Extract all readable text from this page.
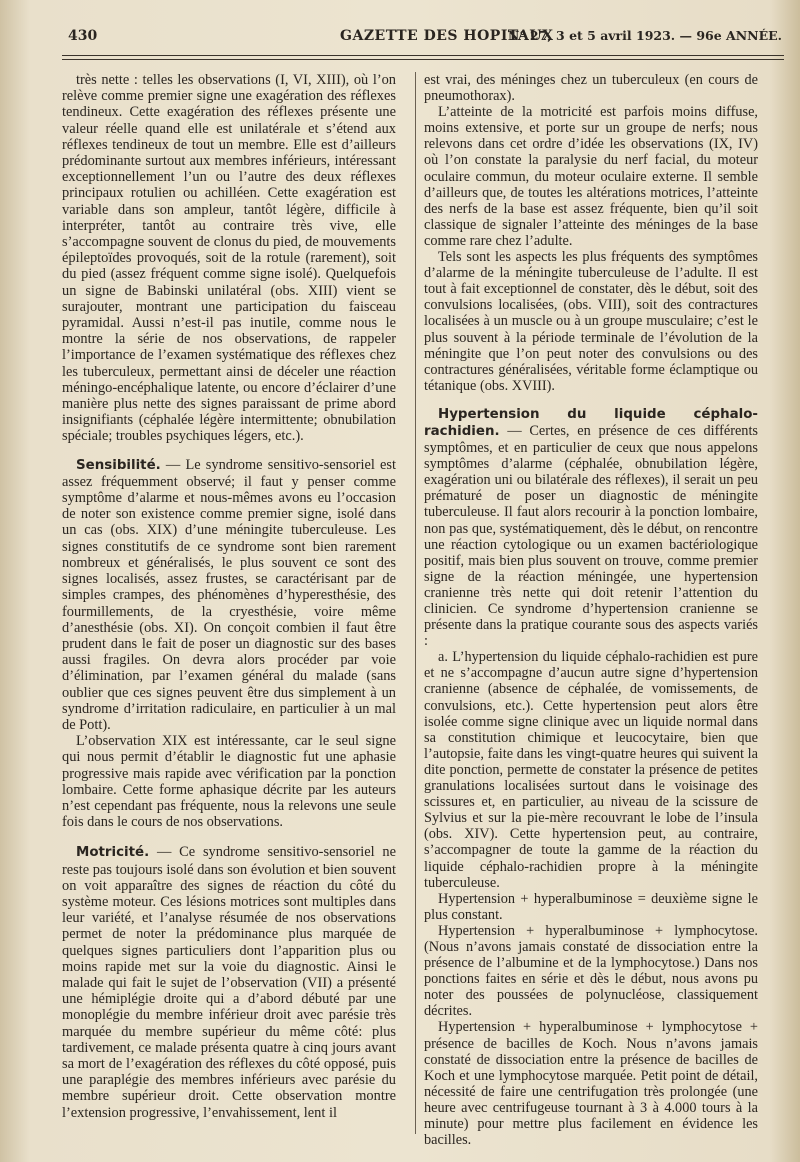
430	GAZETTE DES HOPITAUX
N° 27, 3 et 5 avril 1923. — 96e ANNÉE.

très nette : telles les observations (I, VI, XIII), où l’on relève comme premier signe une exagération des réflexes tendineux. Cette exagération des réflexes présente une valeur réelle quand elle est unilatérale et s’étend aux réflexes tendineux de tout un membre. Elle est d’ailleurs prédominante surtout aux membres inférieurs, intéressant exceptionnellement l’un ou l’autre des deux réflexes principaux rotulien ou achilléen. Cette exagération est variable dans son ampleur, tantôt légère, difficile à interpréter, tantôt au contraire très vive, elle s’accompagne souvent de clonus du pied, de mouvements épileptoïdes provoqués, soit de la rotule (rarement), soit du pied (assez fréquent comme signe isolé). Quelquefois un signe de Babinski unilatéral (obs. XIII) vient se surajouter, montrant une participation du faisceau pyramidal. Aussi n’est-il pas inutile, comme nous le montre la série de nos observations, de rappeler l’importance de l’examen systématique des réflexes chez les tuberculeux, permettant ainsi de déceler une réaction méningo-encéphalique latente, ou encore d’éclairer d’une manière plus nette des signes paraissant de prime abord insignifiants (céphalée légère intermittente; obnubilation spéciale; troubles psychiques légers, etc.).

Sensibilité. — Le syndrome sensitivo-sensoriel est assez fréquemment observé; il faut y penser comme symptôme d’alarme et nous-mêmes avons eu l’occasion de noter son existence comme premier signe, isolé dans un cas (obs. XIX) d’une méningite tuberculeuse. Les signes constitutifs de ce syndrome sont bien rarement nombreux et généralisés, le plus souvent ce sont des signes localisés, assez frustes, se caractérisant par de simples crampes, des phénomènes d’hyperesthésie, des fourmillements, de la cryesthésie, voire même d’anesthésie (obs. XI). On conçoit combien il faut être prudent dans le fait de poser un diagnostic sur des bases aussi fragiles. On devra alors procéder par voie d’élimination, par l’examen général du malade (sans oublier que ces signes peuvent être dus simplement à un syndrome d’irritation radiculaire, en particulier à un mal de Pott).

L’observation XIX est intéressante, car le seul signe qui nous permit d’établir le diagnostic fut une aphasie progressive mais rapide avec vérification par la ponction lombaire. Cette forme aphasique décrite par les auteurs n’est cependant pas fréquente, nous la relevons une seule fois dans le cours de nos observations.

Motricité. — Ce syndrome sensitivo-sensoriel ne reste pas toujours isolé dans son évolution et bien souvent on voit apparaître des signes de réaction du côté du système moteur. Ces lésions motrices sont multiples dans leur variété, et l’analyse résumée de nos observations permet de noter la prédominance plus marquée de quelques signes particuliers dont l’apparition plus ou moins rapide met sur la voie du diagnostic. Ainsi le malade qui fait le sujet de l’observation (VII) a présenté une hémiplégie droite qui a d’abord débuté par une monoplégie du membre inférieur droit avec parésie très marquée du membre supérieur du même côté: plus tardivement, ce malade présenta quatre à cinq jours avant sa mort de l’exagération des réflexes du côté opposé, puis une paraplégie des membres inférieurs avec parésie du membre supérieur droit. Cette observation montre l’extension progressive, l’envahissement, lent il

est vrai, des méninges chez un tuberculeux (en cours de pneumothorax).

L’atteinte de la motricité est parfois moins diffuse, moins extensive, et porte sur un groupe de nerfs; nous relevons dans cet ordre d’idée les observations (IX, IV) où l’on constate la paralysie du nerf facial, du moteur oculaire commun, du moteur oculaire externe. Il semble d’ailleurs que, de toutes les altérations motrices, l’atteinte des nerfs de la base est assez fréquente, bien qu’il soit classique de signaler l’atteinte des méninges de la base comme rare chez l’adulte.

Tels sont les aspects les plus fréquents des symptômes d’alarme de la méningite tuberculeuse de l’adulte. Il est tout à fait exceptionnel de constater, dès le début, soit des convulsions localisées, (obs. VIII), soit des contractures localisées à un muscle ou à un groupe musculaire; c’est le plus souvent à la période terminale de l’évolution de la méningite que l’on peut noter des convulsions ou des contractures généralisées, véritable forme éclamptique ou tétanique (obs. XVIII).

Hypertension du liquide céphalo-rachidien. — Certes, en présence de ces différents symptômes, et en particulier de ceux que nous appelons symptômes d’alarme (céphalée, obnubilation légère, exagération uni ou bilatérale des réflexes), il serait un peu prématuré de poser un diagnostic de méningite tuberculeuse. Il faut alors recourir à la ponction lombaire, non pas que, systématiquement, dès le début, on rencontre une réaction cytologique ou un examen bactériologique positif, mais bien plus souvent on trouve, comme premier signe de la réaction méningée, une hypertension cranienne très nette qui doit retenir l’attention du clinicien. Ce syndrome d’hypertension cranienne se présente dans la pratique courante sous des aspects variés :

a. L’hypertension du liquide céphalo-rachidien est pure et ne s’accompagne d’aucun autre signe d’hypertension cranienne (absence de céphalée, de vomissements, de convulsions, etc.). Cette hypertension peut alors être isolée comme signe clinique avec un liquide normal dans sa constitution chimique et leucocytaire, bien que l’autopsie, faite dans les vingt-quatre heures qui suivent la dite ponction, permette de constater la présence de petites granulations localisées surtout dans le voisinage des scissures et, en particulier, au niveau de la scissure de Sylvius et sur la pie-mère recouvrant le lobe de l’insula (obs. XIV). Cette hypertension peut, au contraire, s’accompagner de toute la gamme de la réaction du liquide céphalo-rachidien propre à la méningite tuberculeuse.

Hypertension + hyperalbuminose = deuxième signe le plus constant.

Hypertension + hyperalbuminose + lymphocytose. (Nous n’avons jamais constaté de dissociation entre la présence de l’albumine et de la lymphocytose.) Dans nos ponctions faites en série et dès le début, nous avons pu noter des poussées de polynucléose, classiquement décrites.

Hypertension + hyperalbuminose + lymphocytose + présence de bacilles de Koch. Nous n’avons jamais constaté de dissociation entre la présence de bacilles de Koch et une lymphocytose marquée. Petit point de détail, nécessité de faire une centrifugation très prolongée (une heure avec centrifugeuse tournant à 3 à 4.000 tours à la minute) pour mettre plus facilement en évidence les bacilles.
